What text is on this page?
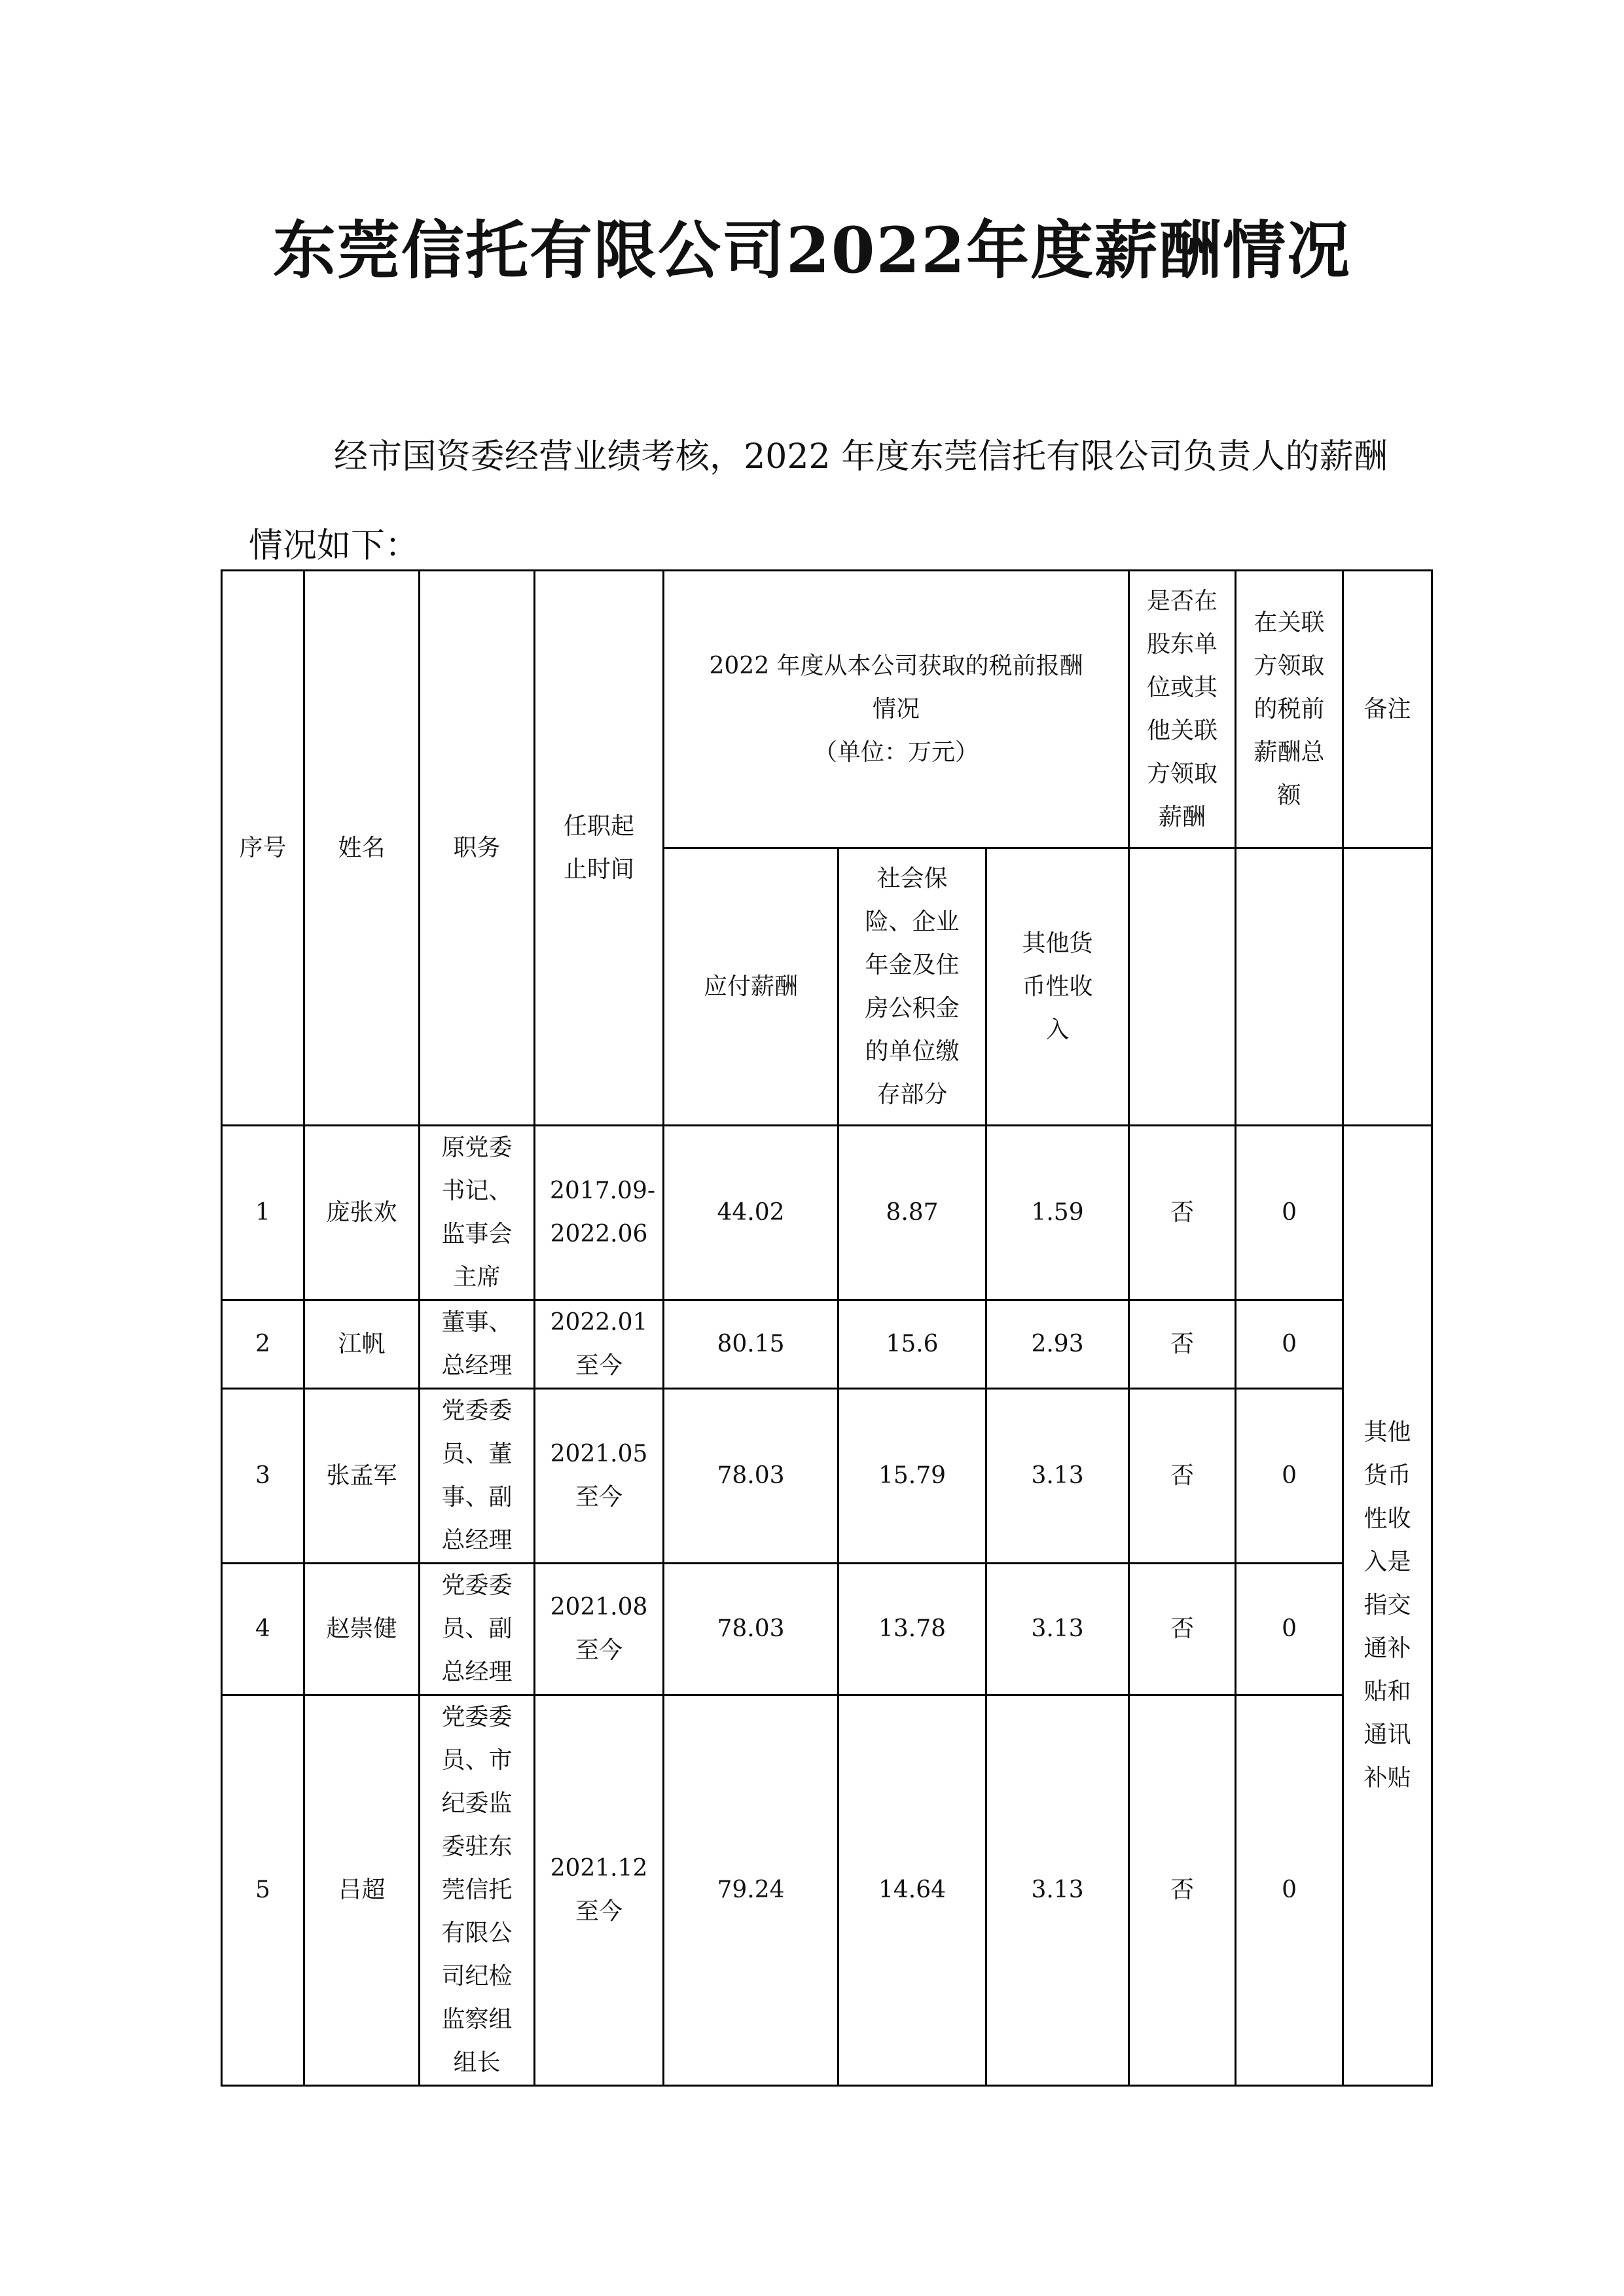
东莞信托有限公司2022年度薪酬情况
经市国资委经营业绩考核，2022 年度东莞信托有限公司负责人的薪酬情况如下：
序号	姓名	职务	任职起止时间	2022 年度从本公司获取的税前报酬情况
（单位：万元）			是否在股东单位或其他关联方领取薪酬	在关联方领取的税前薪酬总额	备注
				应付薪酬	社会保险、企业年金及住房公积金的单位缴存部分	其他货币性收入			
1	庞张欢	原党委书记、监事会主席	2017.09-2022.06	44.02	8.87	1.59	否	0	其他货币性收入是指交通补贴和通讯补贴
2	江帆	董事、总经理	2022.01至今	80.15	15.6	2.93	否	0	
3	张孟军	党委委员、董事、副总经理	2021.05至今	78.03	15.79	3.13	否	0	
4	赵崇健	党委委员、副总经理	2021.08至今	78.03	13.78	3.13	否	0	
5	吕超	党委委员、市纪委监委驻东莞信托有限公司纪检监察组组长	2021.12至今	79.24	14.64	3.13	否	0	
